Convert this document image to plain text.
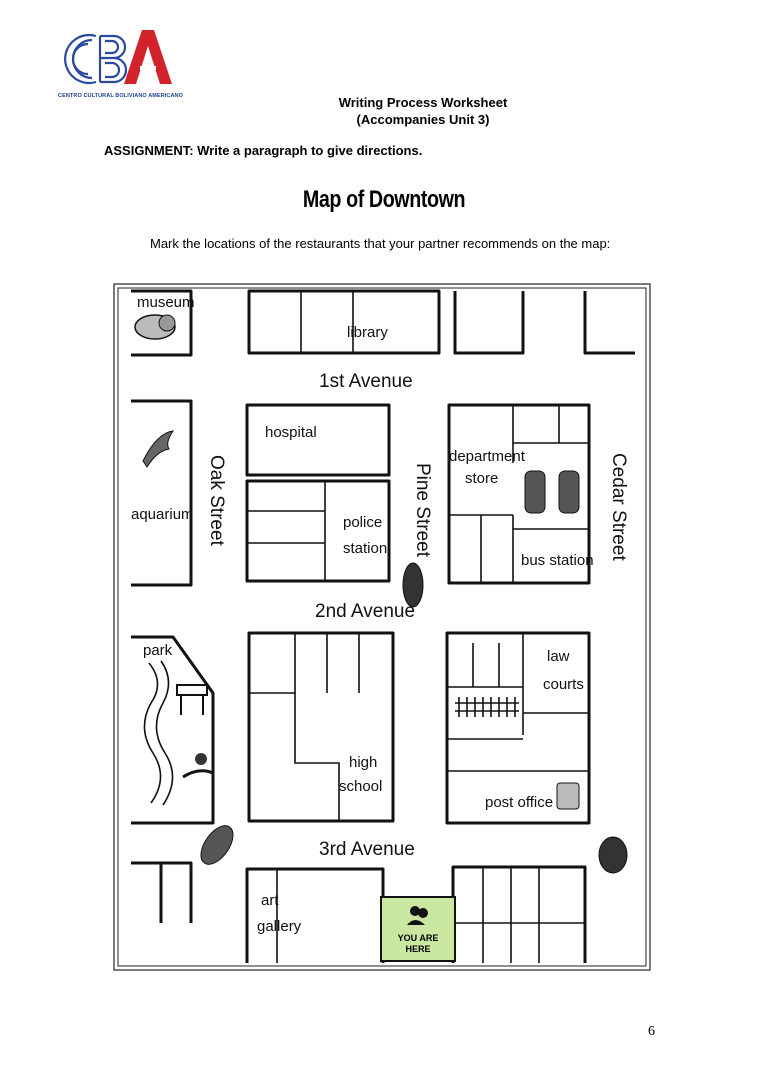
CENTRO CULTURAL BOLIVIANO AMERICANO	Writing Process Worksheet
(Accompanies Unit 3)
ASSIGNMENT: Write a paragraph to give directions.
Map of Downtown
Mark the locations of the restaurants that your partner recommends on the map:
1st Avenue
2nd Avenue
3rd Avenue
Oak Street	Pine Street	Cedar Street
museum
library
hospital
department
store
aquarium	police
station
bus station
park	law
courts
high
school
post office
art
gallery
YOU ARE
HERE
6
